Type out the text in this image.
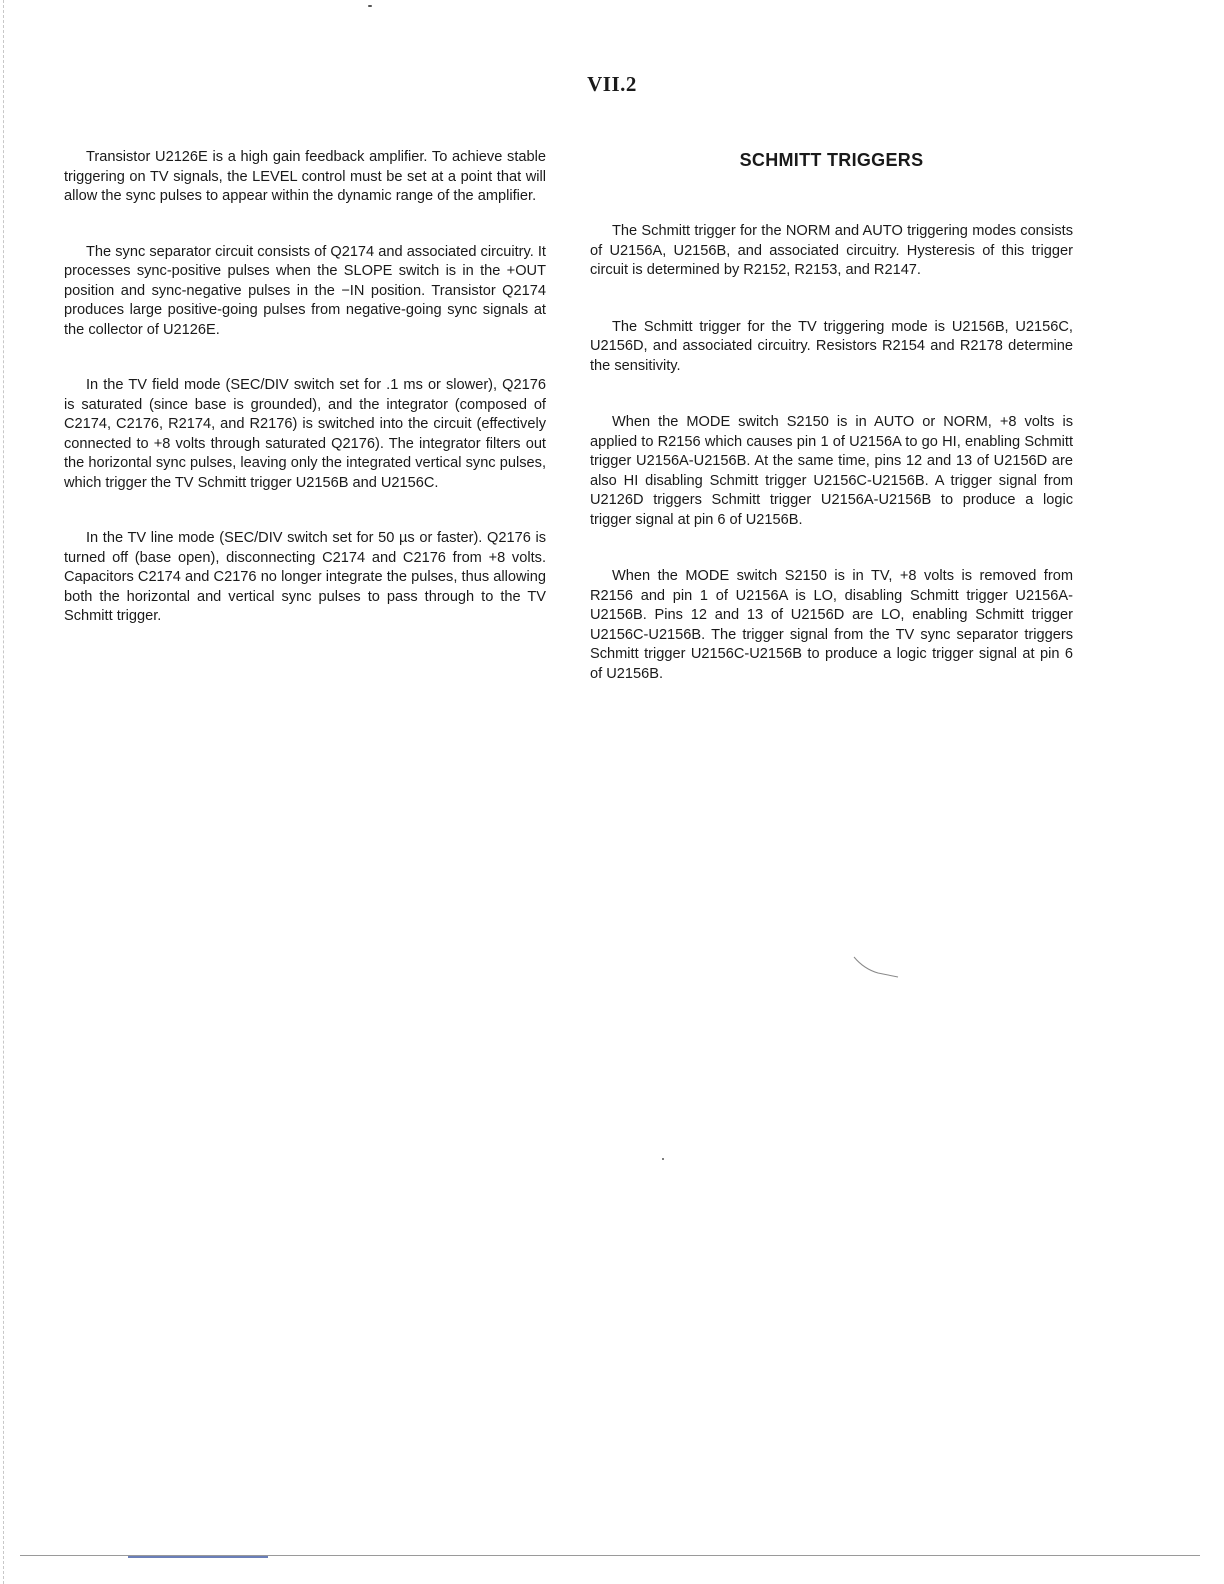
VII.2

Transistor U2126E is a high gain feedback amplifier. To achieve stable triggering on TV signals, the LEVEL control must be set at a point that will allow the sync pulses to appear within the dynamic range of the amplifier.

The sync separator circuit consists of Q2174 and associated circuitry. It processes sync-positive pulses when the SLOPE switch is in the +OUT position and sync-negative pulses in the −IN position. Transistor Q2174 produces large positive-going pulses from negative-going sync signals at the collector of U2126E.

In the TV field mode (SEC/DIV switch set for .1 ms or slower), Q2176 is saturated (since base is grounded), and the integrator (composed of C2174, C2176, R2174, and R2176) is switched into the circuit (effectively connected to +8 volts through saturated Q2176). The integrator filters out the horizontal sync pulses, leaving only the integrated vertical sync pulses, which trigger the TV Schmitt trigger U2156B and U2156C.

In the TV line mode (SEC/DIV switch set for 50 µs or faster). Q2176 is turned off (base open), disconnecting C2174 and C2176 from +8 volts. Capacitors C2174 and C2176 no longer integrate the pulses, thus allowing both the horizontal and vertical sync pulses to pass through to the TV Schmitt trigger.

SCHMITT TRIGGERS

The Schmitt trigger for the NORM and AUTO triggering modes consists of U2156A, U2156B, and associated circuitry. Hysteresis of this trigger circuit is determined by R2152, R2153, and R2147.

The Schmitt trigger for the TV triggering mode is U2156B, U2156C, U2156D, and associated circuitry. Resistors R2154 and R2178 determine the sensitivity.

When the MODE switch S2150 is in AUTO or NORM, +8 volts is applied to R2156 which causes pin 1 of U2156A to go HI, enabling Schmitt trigger U2156A-U2156B. At the same time, pins 12 and 13 of U2156D are also HI disabling Schmitt trigger U2156C-U2156B. A trigger signal from U2126D triggers Schmitt trigger U2156A-U2156B to produce a logic trigger signal at pin 6 of U2156B.

When the MODE switch S2150 is in TV, +8 volts is removed from R2156 and pin 1 of U2156A is LO, disabling Schmitt trigger U2156A-U2156B. Pins 12 and 13 of U2156D are LO, enabling Schmitt trigger U2156C-U2156B. The trigger signal from the TV sync separator triggers Schmitt trigger U2156C-U2156B to produce a logic trigger signal at pin 6 of U2156B.
